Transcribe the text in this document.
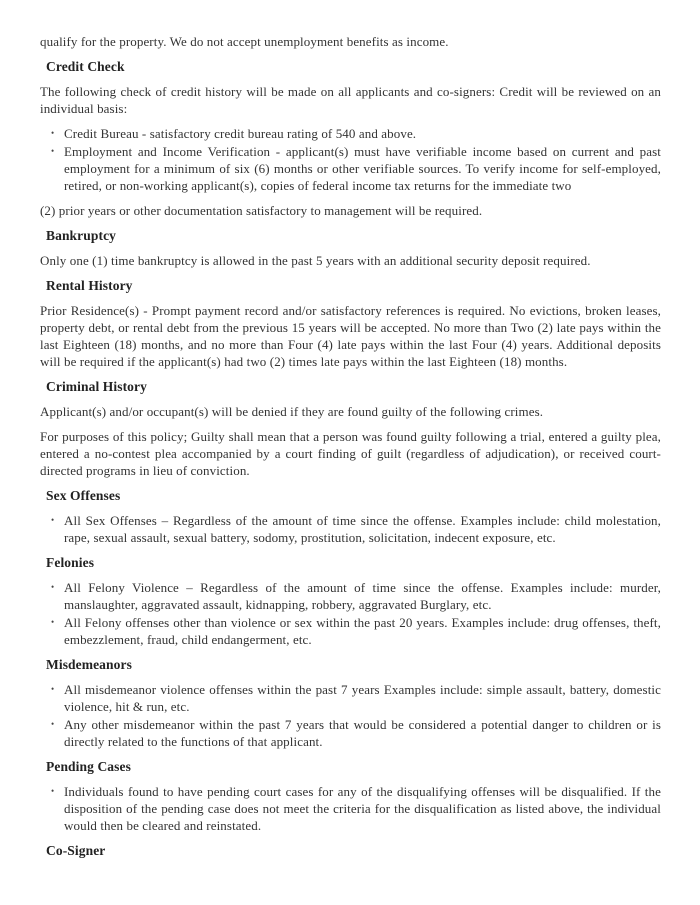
qualify for the property. We do not accept unemployment benefits as income.

Credit Check

The following check of credit history will be made on all applicants and co-signers: Credit will be reviewed on an individual basis:

• Credit Bureau - satisfactory credit bureau rating of 540 and above.
• Employment and Income Verification - applicant(s) must have verifiable income based on current and past employment for a minimum of six (6) months or other verifiable sources. To verify income for self-employed, retired, or non-working applicant(s), copies of federal income tax returns for the immediate two

(2) prior years or other documentation satisfactory to management will be required.

Bankruptcy

Only one (1) time bankruptcy is allowed in the past 5 years with an additional security deposit required.

Rental History

Prior Residence(s) - Prompt payment record and/or satisfactory references is required. No evictions, broken leases, property debt, or rental debt from the previous 15 years will be accepted. No more than Two (2) late pays within the last Eighteen (18) months, and no more than Four (4) late pays within the last Four (4) years. Additional deposits will be required if the applicant(s) had two (2) times late pays within the last Eighteen (18) months.

Criminal History

Applicant(s) and/or occupant(s) will be denied if they are found guilty of the following crimes.

For purposes of this policy; Guilty shall mean that a person was found guilty following a trial, entered a guilty plea, entered a no-contest plea accompanied by a court finding of guilt (regardless of adjudication), or received court-directed programs in lieu of conviction.

Sex Offenses
• All Sex Offenses – Regardless of the amount of time since the offense. Examples include: child molestation, rape, sexual assault, sexual battery, sodomy, prostitution, solicitation, indecent exposure, etc.
Felonies
• All Felony Violence – Regardless of the amount of time since the offense. Examples include: murder, manslaughter, aggravated assault, kidnapping, robbery, aggravated Burglary, etc.
• All Felony offenses other than violence or sex within the past 20 years. Examples include: drug offenses, theft, embezzlement, fraud, child endangerment, etc.
Misdemeanors
• All misdemeanor violence offenses within the past 7 years Examples include: simple assault, battery, domestic violence, hit & run, etc.
• Any other misdemeanor within the past 7 years that would be considered a potential danger to children or is directly related to the functions of that applicant.
Pending Cases
• Individuals found to have pending court cases for any of the disqualifying offenses will be disqualified. If the disposition of the pending case does not meet the criteria for the disqualification as listed above, the individual would then be cleared and reinstated.
Co-Signer
